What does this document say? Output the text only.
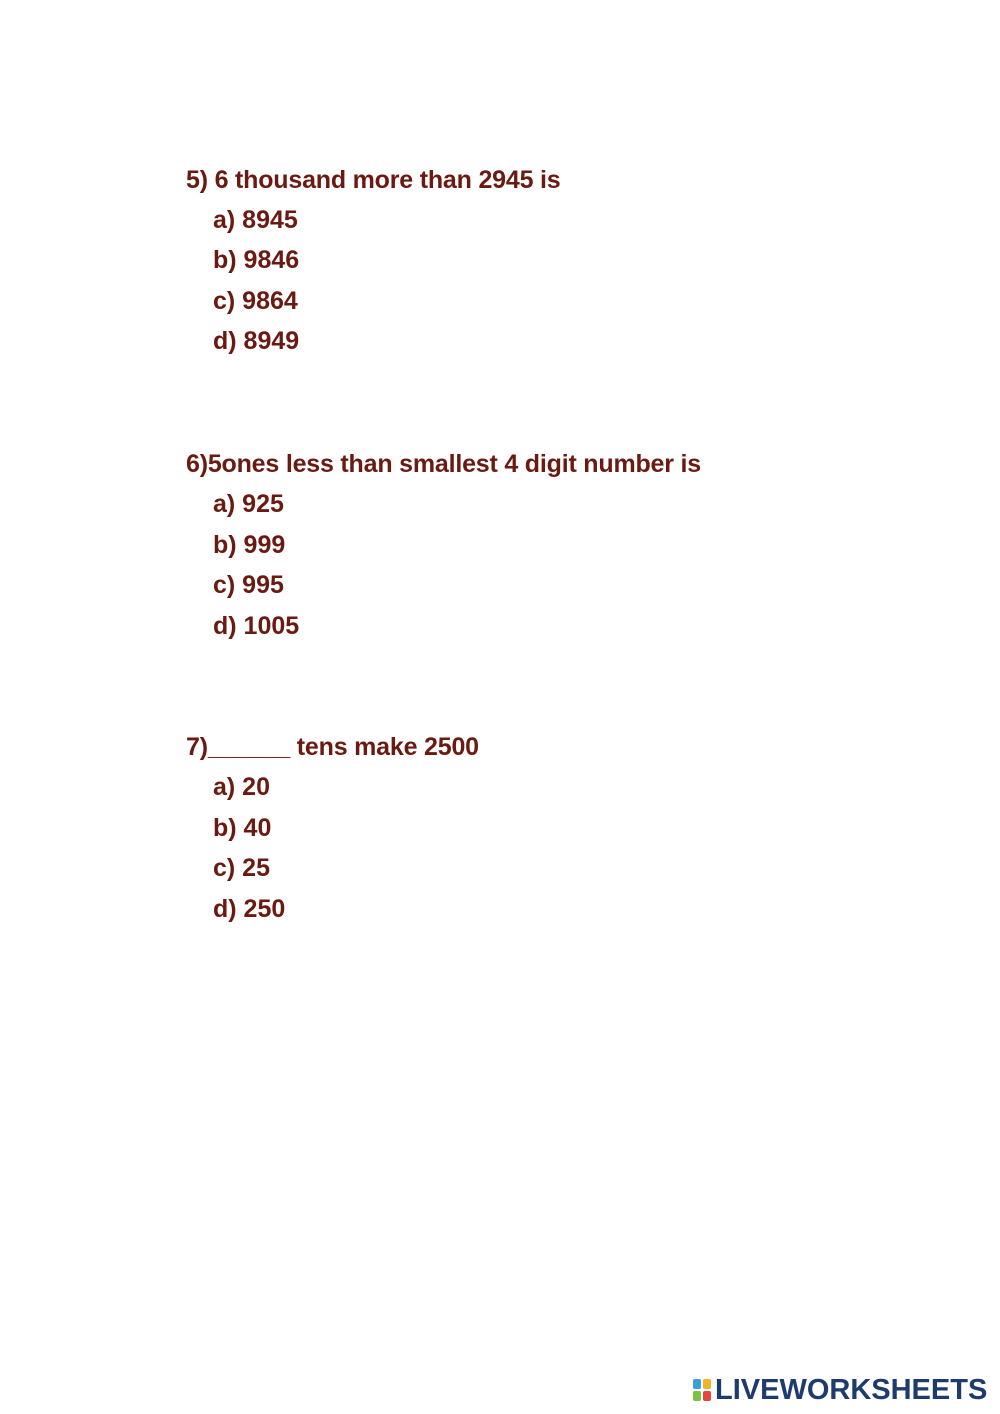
5) 6 thousand more than 2945 is
a) 8945
b) 9846
c) 9864
d) 8949
6)5ones less than smallest 4 digit number is
a) 925
b) 999
c) 995
d) 1005
7)______ tens make 2500
a) 20
b) 40
c) 25
d) 250
LIVEWORKSHEETS
